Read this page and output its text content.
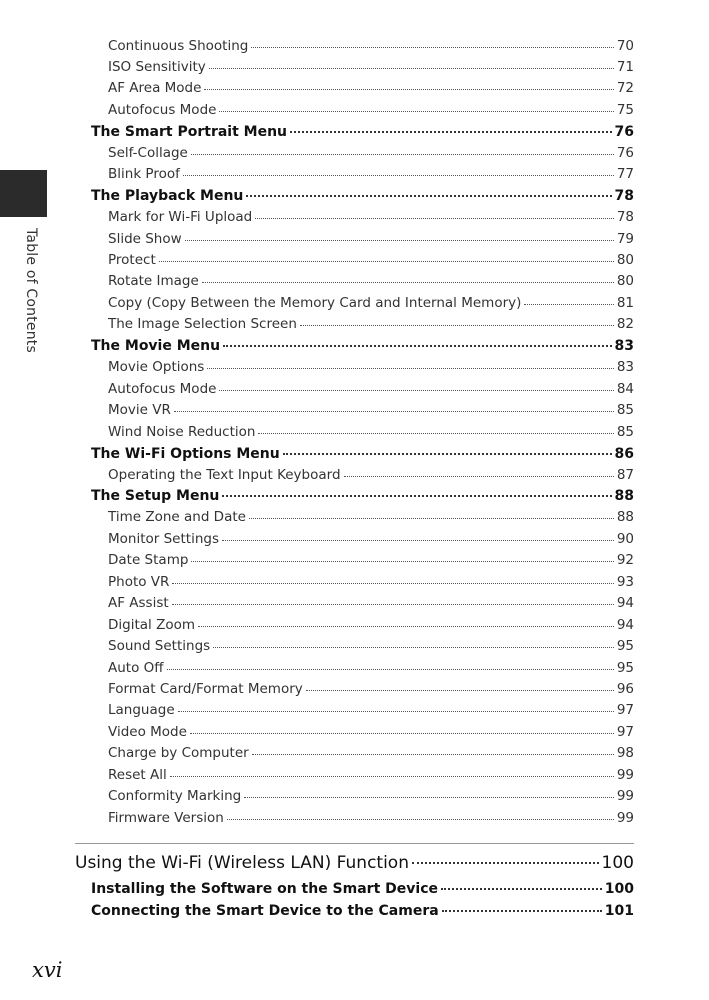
Table of Contents
Continuous Shooting	70
ISO Sensitivity	71
AF Area Mode	72
Autofocus Mode	75
The Smart Portrait Menu	76
Self-Collage	76
Blink Proof	77
The Playback Menu	78
Mark for Wi-Fi Upload	78
Slide Show	79
Protect	80
Rotate Image	80
Copy (Copy Between the Memory Card and Internal Memory)	81
The Image Selection Screen	82
The Movie Menu	83
Movie Options	83
Autofocus Mode	84
Movie VR	85
Wind Noise Reduction	85
The Wi-Fi Options Menu	86
Operating the Text Input Keyboard	87
The Setup Menu	88
Time Zone and Date	88
Monitor Settings	90
Date Stamp	92
Photo VR	93
AF Assist	94
Digital Zoom	94
Sound Settings	95
Auto Off	95
Format Card/Format Memory	96
Language	97
Video Mode	97
Charge by Computer	98
Reset All	99
Conformity Marking	99
Firmware Version	99
Using the Wi-Fi (Wireless LAN) Function	100
Installing the Software on the Smart Device	100
Connecting the Smart Device to the Camera	101
xvi
